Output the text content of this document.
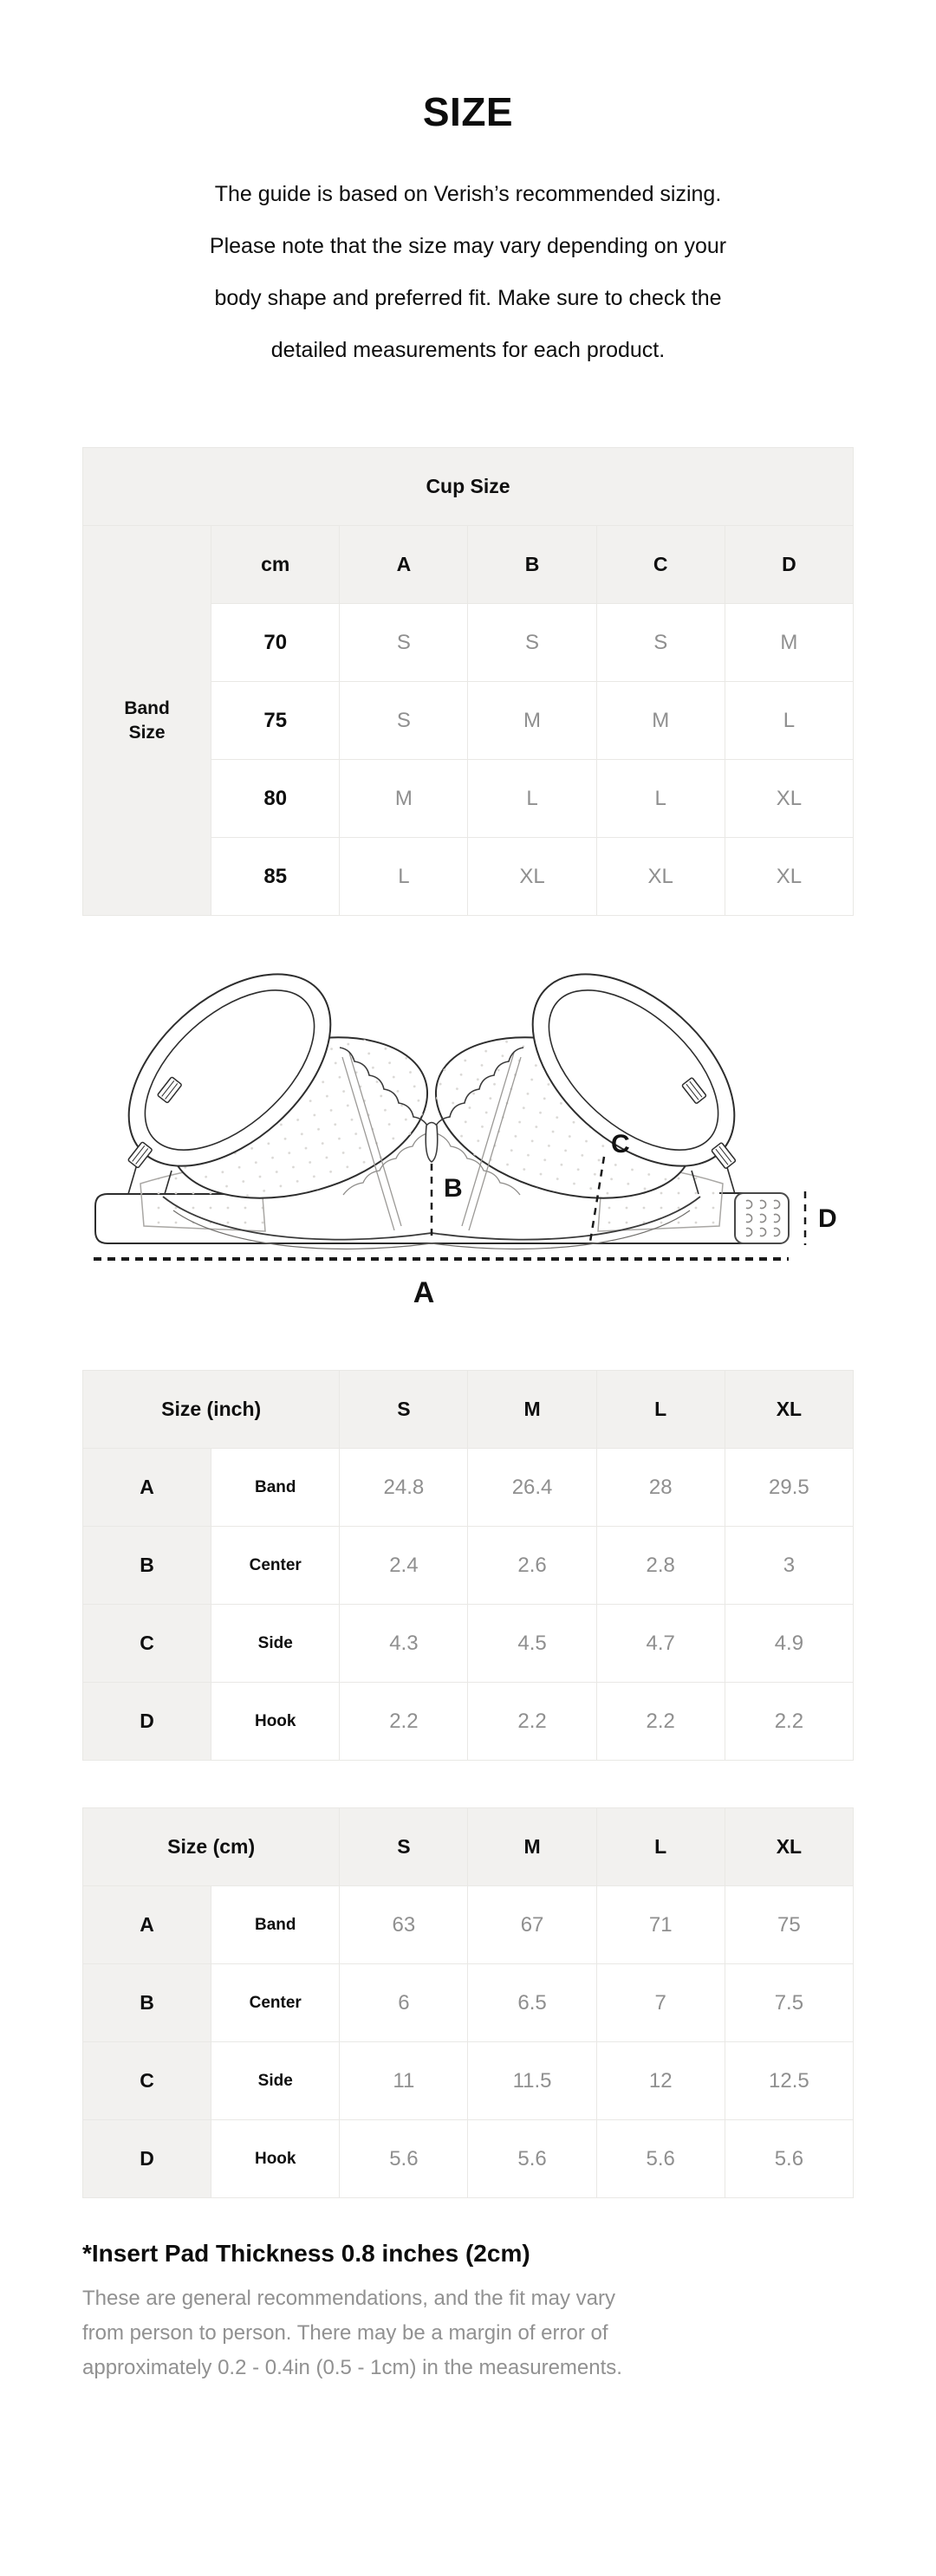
SIZE
The guide is based on Verish’s recommended sizing.
Please note that the size may vary depending on your
body shape and preferred fit. Make sure to check the
detailed measurements for each product.
Cup Size					

Band
Size	cm	A	B	C	D
	70	S	S	S	M
	75	S	M	M	L
	80	M	L	L	XL
	85	L	XL	XL	XL
B
C
D
A
Size (inch)		S	M	L	XL
A	Band	24.8	26.4	28	29.5
B	Center	2.4	2.6	2.8	3
C	Side	4.3	4.5	4.7	4.9
D	Hook	2.2	2.2	2.2	2.2
Size (cm)		S	M	L	XL
A	Band	63	67	71	75
B	Center	6	6.5	7	7.5
C	Side	11	11.5	12	12.5
D	Hook	5.6	5.6	5.6	5.6
*Insert Pad Thickness 0.8 inches (2cm)
These are general recommendations, and the fit may vary
from person to person. There may be a margin of error of
approximately 0.2 - 0.4in (0.5 - 1cm) in the measurements.
